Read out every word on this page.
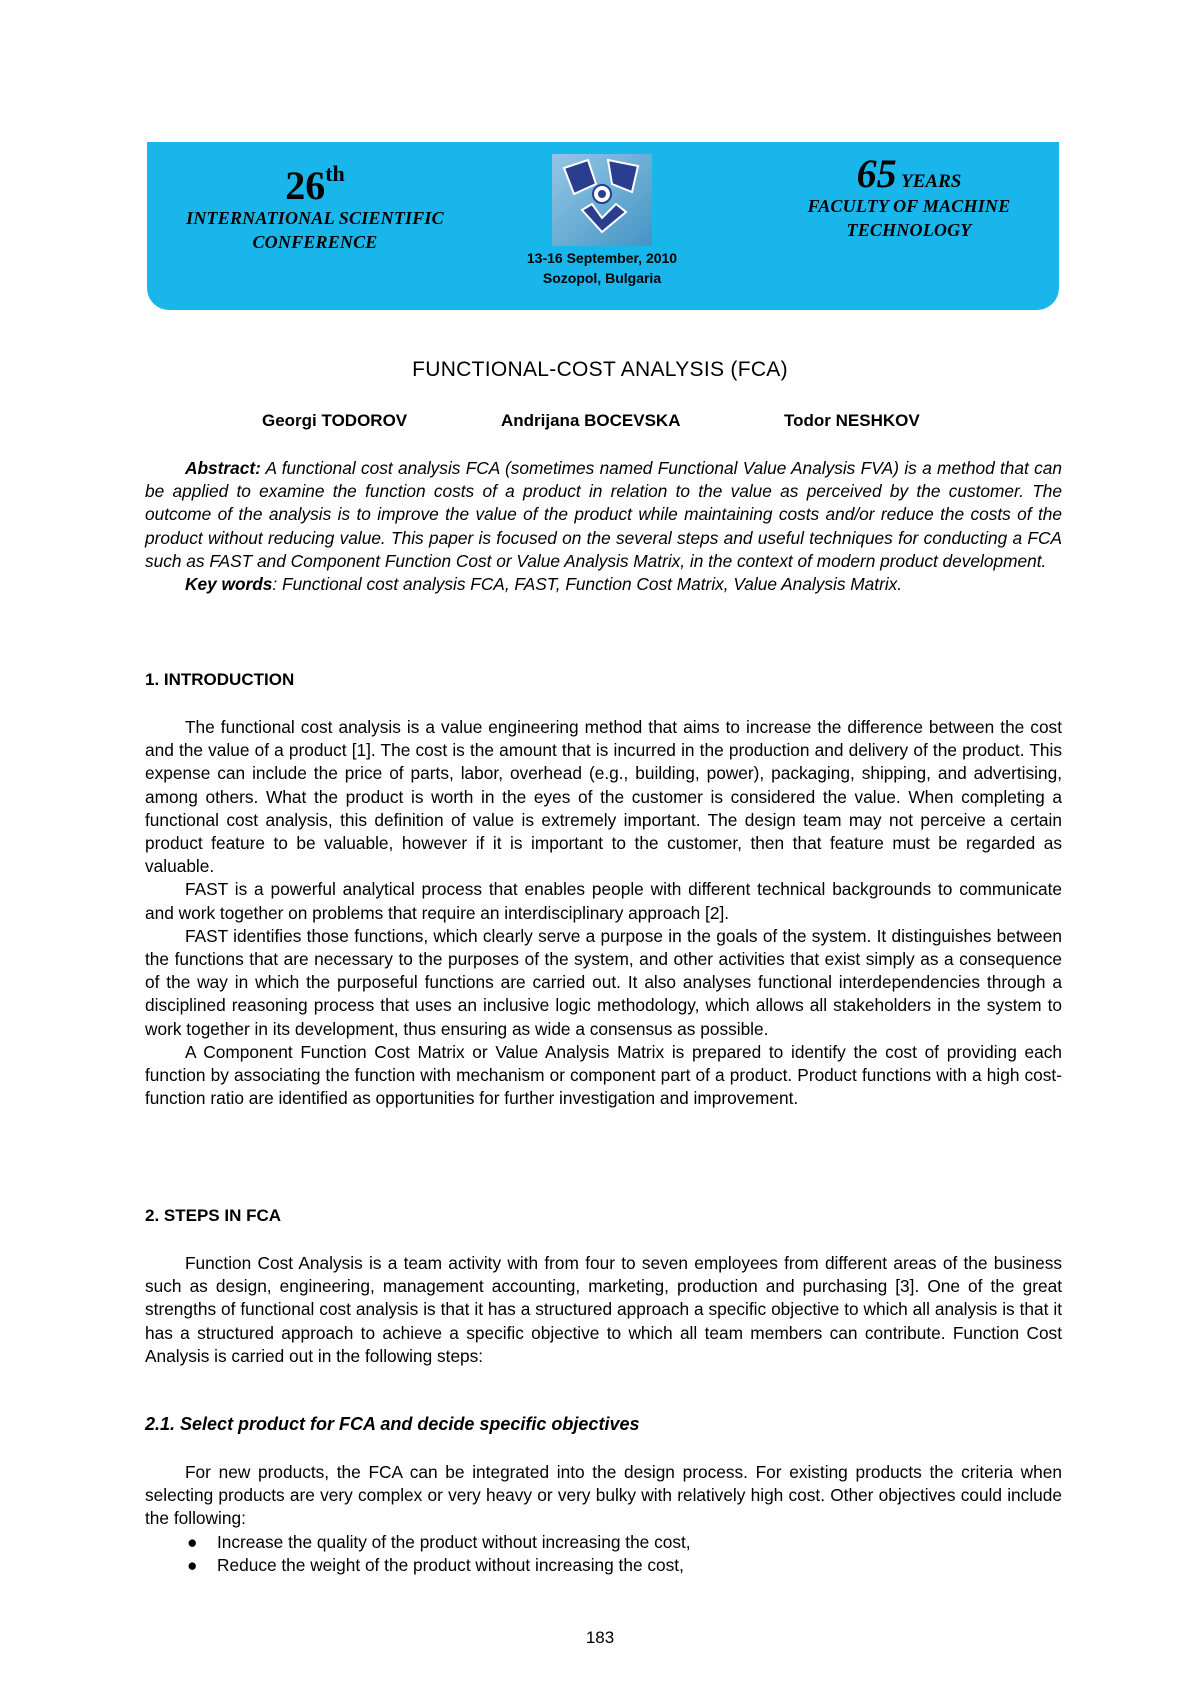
26th
INTERNATIONAL SCIENTIFIC
CONFERENCE
13-16 September, 2010
Sozopol, Bulgaria
65 YEARS
FACULTY OF MACHINE
TECHNOLOGY
FUNCTIONAL-COST ANALYSIS (FCA)
Georgi TODOROV	Andrijana BOCEVSKA	Todor NESHKOV

Abstract: A functional cost analysis FCA (sometimes named Functional Value Analysis FVA) is a method that can be applied to examine the function costs of a product in relation to the value as perceived by the customer. The outcome of the analysis is to improve the value of the product while maintaining costs and/or reduce the costs of the product without reducing value. This paper is focused on the several steps and useful techniques for conducting a FCA such as FAST and Component Function Cost or Value Analysis Matrix, in the context of modern product development.

Key words: Functional cost analysis FCA, FAST, Function Cost Matrix, Value Analysis Matrix.

1. INTRODUCTION

The functional cost analysis is a value engineering method that aims to increase the difference between the cost and the value of a product [1]. The cost is the amount that is incurred in the production and delivery of the product. This expense can include the price of parts, labor, overhead (e.g., building, power), packaging, shipping, and advertising, among others. What the product is worth in the eyes of the customer is considered the value. When completing a functional cost analysis, this definition of value is extremely important. The design team may not perceive a certain product feature to be valuable, however if it is important to the customer, then that feature must be regarded as valuable.

FAST is a powerful analytical process that enables people with different technical backgrounds to communicate and work together on problems that require an interdisciplinary approach [2].

FAST identifies those functions, which clearly serve a purpose in the goals of the system. It distinguishes between the functions that are necessary to the purposes of the system, and other activities that exist simply as a consequence of the way in which the purposeful functions are carried out. It also analyses functional interdependencies through a disciplined reasoning process that uses an inclusive logic methodology, which allows all stakeholders in the system to work together in its development, thus ensuring as wide a consensus as possible.

A Component Function Cost Matrix or Value Analysis Matrix is prepared to identify the cost of providing each function by associating the function with mechanism or component part of a product. Product functions with a high cost-function ratio are identified as opportunities for further investigation and improvement.

2. STEPS IN FCA

Function Cost Analysis is a team activity with from four to seven employees from different areas of the business such as design, engineering, management accounting, marketing, production and purchasing [3]. One of the great strengths of functional cost analysis is that it has a structured approach a specific objective to which all analysis is that it has a structured approach to achieve a specific objective to which all team members can contribute. Function Cost Analysis is carried out in the following steps:

2.1. Select product for FCA and decide specific objectives

For new products, the FCA can be integrated into the design process. For existing products the criteria when selecting products are very complex or very heavy or very bulky with relatively high cost. Other objectives could include the following:

● Increase the quality of the product without increasing the cost,
● Reduce the weight of the product without increasing the cost,
183
